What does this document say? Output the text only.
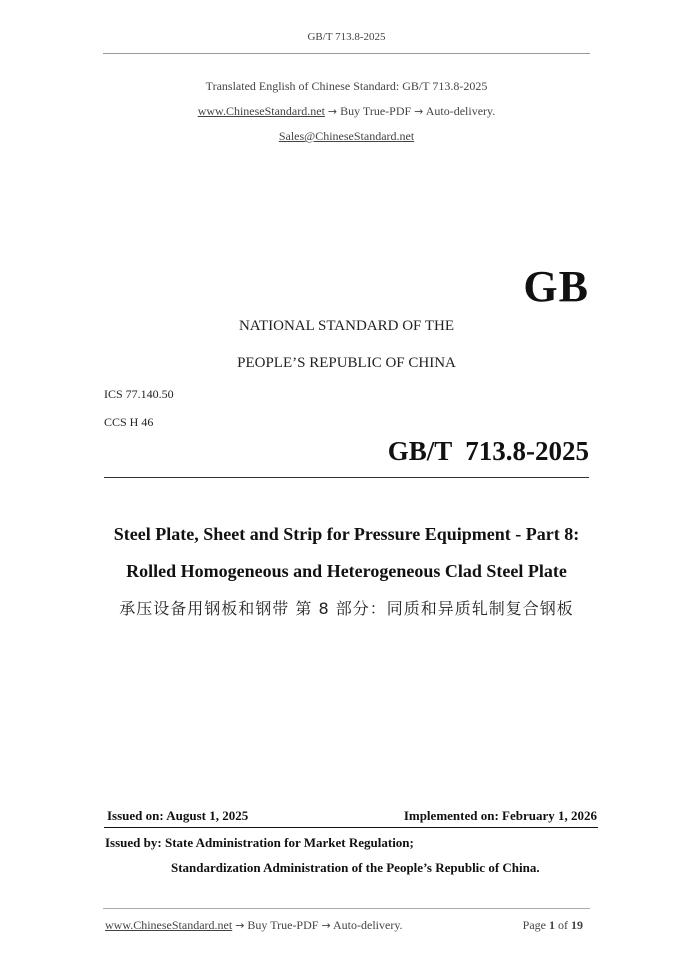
GB/T 713.8-2025
Translated English of Chinese Standard: GB/T 713.8-2025
www.ChineseStandard.net → Buy True-PDF → Auto-delivery.
Sales@ChineseStandard.net
GB
NATIONAL STANDARD OF THE
PEOPLE’S REPUBLIC OF CHINA
ICS 77.140.50
CCS H 46
GB/T  713.8-2025
Steel Plate, Sheet and Strip for Pressure Equipment - Part 8:
Rolled Homogeneous and Heterogeneous Clad Steel Plate
承压设备用钢板和钢带 第 8 部分：同质和异质轧制复合钢板
Issued on: August 1, 2025	Implemented on: February 1, 2026
Issued by: State Administration for Market Regulation;
Standardization Administration of the People’s Republic of China.
www.ChineseStandard.net → Buy True-PDF → Auto-delivery.	Page 1 of 19
